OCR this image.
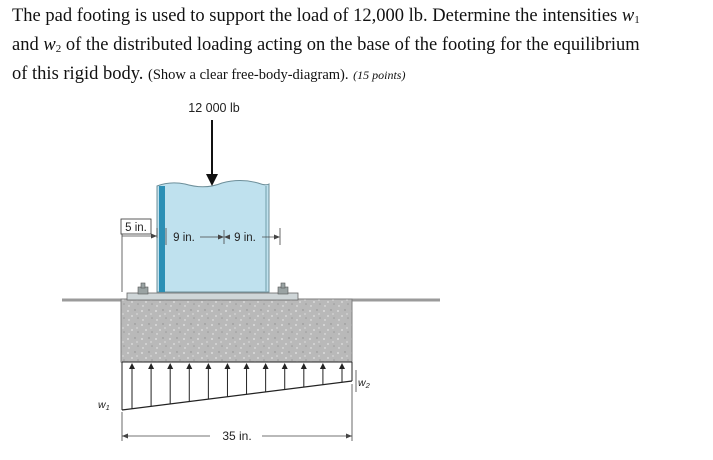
The pad footing is used to support the load of 12,000 lb. Determine the intensities $w_1$
and $w_2$ of the distributed loading acting on the base of the footing for the equilibrium
of this rigid body. (Show a clear free-body-diagram). (15 points)
12 000 lb
5 in.
9 in.	9 in.
w1
w2
35 in.
